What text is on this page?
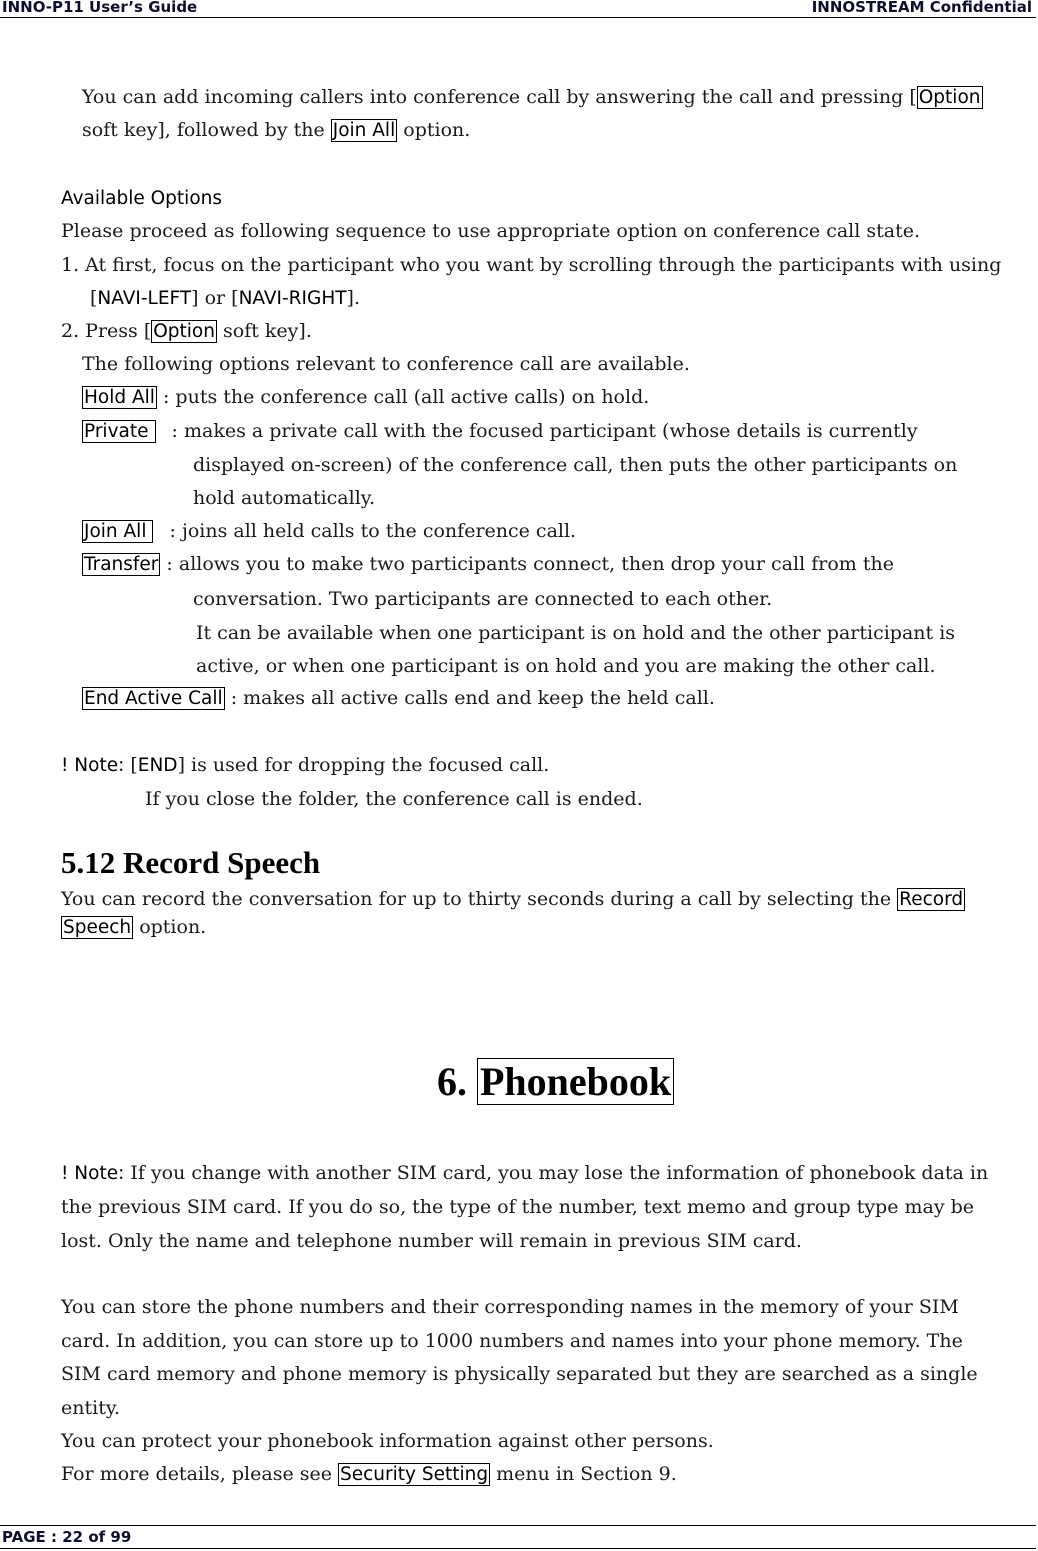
INNO-P11 User’s Guide	INNOSTREAM Confidential
You can add incoming callers into conference call by answering the call and pressing [ Option
soft key], followed by the Join All option.
Available Options
Please proceed as following sequence to use appropriate option on conference call state.
1. At first, focus on the participant who you want by scrolling through the participants with using
[NAVI-LEFT] or [NAVI-RIGHT].
2. Press [ Option soft key].
The following options relevant to conference call are available.
Hold All : puts the conference call (all active calls) on hold.
Private : makes a private call with the focused participant (whose details is currently
displayed on-screen) of the conference call, then puts the other participants on
hold automatically.
Join All : joins all held calls to the conference call.
Transfer : allows you to make two participants connect, then drop your call from the
conversation. Two participants are connected to each other.
It can be available when one participant is on hold and the other participant is
active, or when one participant is on hold and you are making the other call.
End Active Call : makes all active calls end and keep the held call.
! Note: [END] is used for dropping the focused call.
If you close the folder, the conference call is ended.
5.12 Record Speech
You can record the conversation for up to thirty seconds during a call by selecting the Record
Speech option.
6. Phonebook
! Note: If you change with another SIM card, you may lose the information of phonebook data in
the previous SIM card. If you do so, the type of the number, text memo and group type may be
lost. Only the name and telephone number will remain in previous SIM card.
You can store the phone numbers and their corresponding names in the memory of your SIM
card. In addition, you can store up to 1000 numbers and names into your phone memory. The
SIM card memory and phone memory is physically separated but they are searched as a single
entity.
You can protect your phonebook information against other persons.
For more details, please see Security Setting menu in Section 9.
PAGE : 22 of 99
